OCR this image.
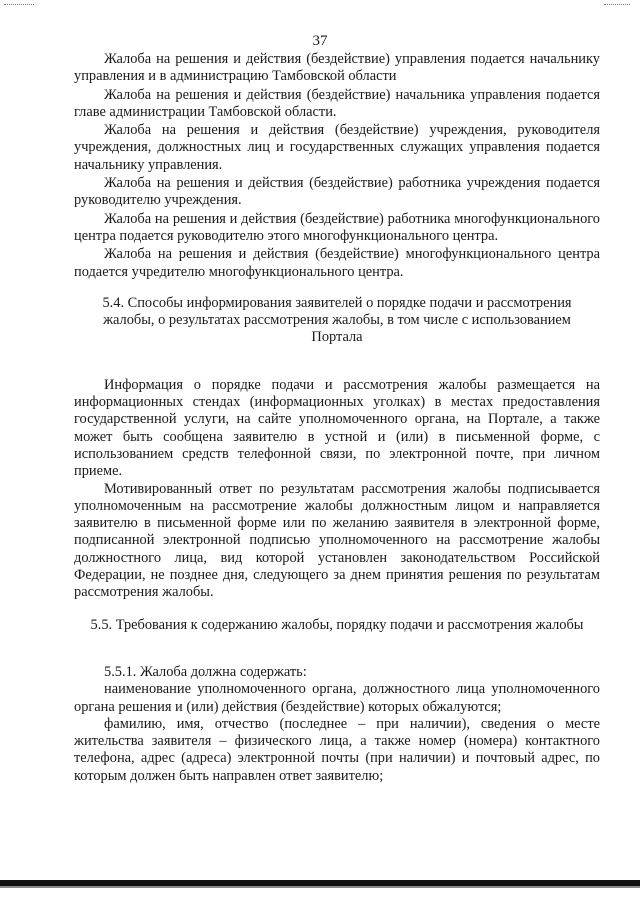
37

Жалоба на решения и действия (бездействие) управления подается начальнику управления и в администрацию Тамбовской области

Жалоба на решения и действия (бездействие) начальника управления подается главе администрации Тамбовской области.

Жалоба на решения и действия (бездействие) учреждения, руководителя учреждения, должностных лиц и государственных служащих управления подается начальнику управления.

Жалоба на решения и действия (бездействие) работника учреждения подается руководителю учреждения.

Жалоба на решения и действия (бездействие) работника многофункционального центра подается руководителю этого многофункционального центра.

Жалоба на решения и действия (бездействие) многофункционального центра подается учредителю многофункционального центра.

5.4. Способы информирования заявителей о порядке подачи и рассмотрения жалобы, о результатах рассмотрения жалобы, в том числе с использованием Портала

Информация о порядке подачи и рассмотрения жалобы размещается на информационных стендах (информационных уголках) в местах предоставления государственной услуги, на сайте уполномоченного органа, на Портале, а также может быть сообщена заявителю в устной и (или) в письменной форме, с использованием средств телефонной связи, по электронной почте, при личном приеме.

Мотивированный ответ по результатам рассмотрения жалобы подписывается уполномоченным на рассмотрение жалобы должностным лицом и направляется заявителю в письменной форме или по желанию заявителя в электронной форме, подписанной электронной подписью уполномоченного на рассмотрение жалобы должностного лица, вид которой установлен законодательством Российской Федерации, не позднее дня, следующего за днем принятия решения по результатам рассмотрения жалобы.

5.5. Требования к содержанию жалобы, порядку подачи и рассмотрения жалобы

5.5.1. Жалоба должна содержать:

наименование уполномоченного органа, должностного лица уполномоченного органа решения и (или) действия (бездействие) которых обжалуются;

фамилию, имя, отчество (последнее – при наличии), сведения о месте жительства заявителя – физического лица, а также номер (номера) контактного телефона, адрес (адреса) электронной почты (при наличии) и почтовый адрес, по которым должен быть направлен ответ заявителю;
